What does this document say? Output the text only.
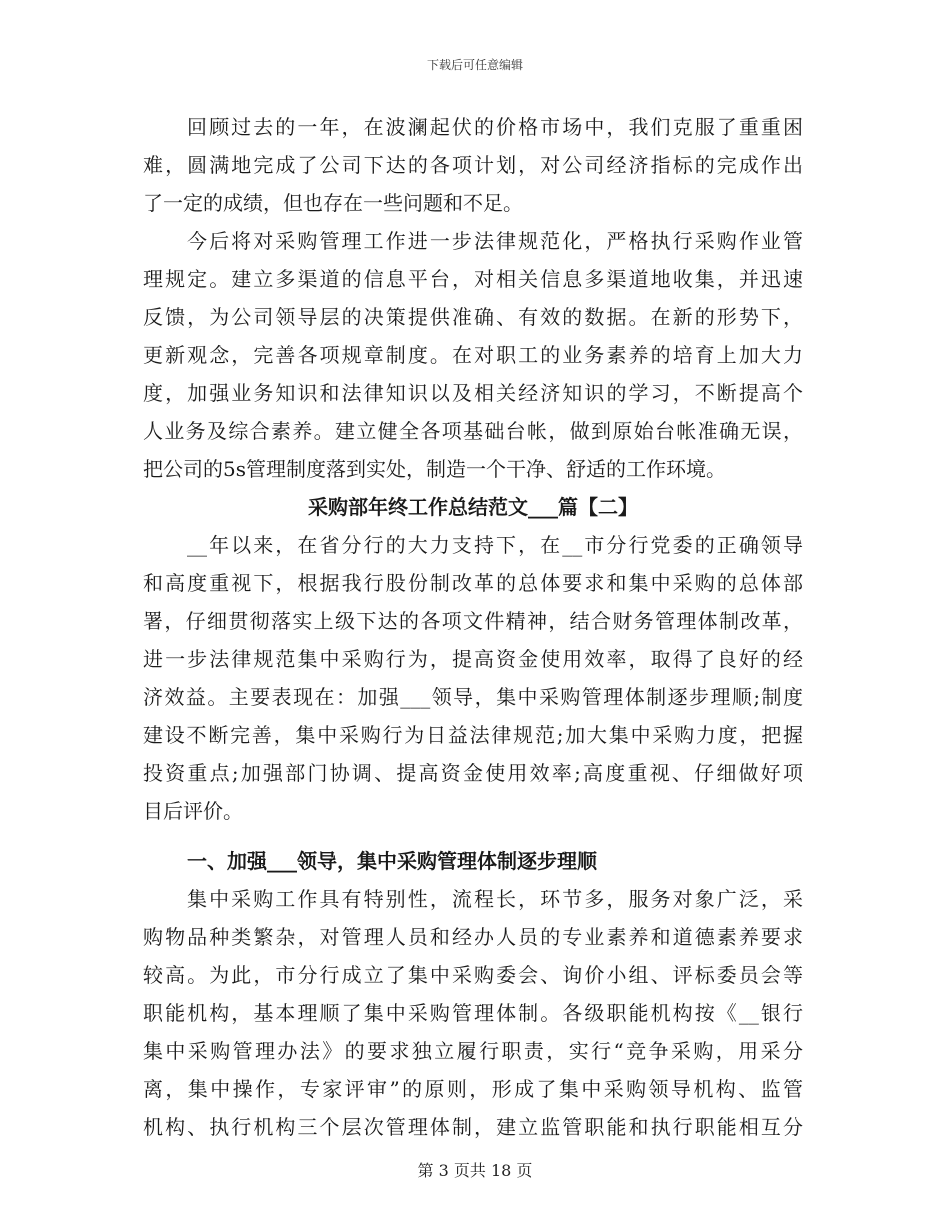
下载后可任意编辑
回顾过去的一年，在波澜起伏的价格市场中，我们克服了重重困
难，圆满地完成了公司下达的各项计划，对公司经济指标的完成作出
了一定的成绩，但也存在一些问题和不足。
今后将对采购管理工作进一步法律规范化，严格执行采购作业管
理规定。建立多渠道的信息平台，对相关信息多渠道地收集，并迅速
反馈，为公司领导层的决策提供准确、有效的数据。在新的形势下，
更新观念，完善各项规章制度。在对职工的业务素养的培育上加大力
度，加强业务知识和法律知识以及相关经济知识的学习，不断提高个
人业务及综合素养。建立健全各项基础台帐，做到原始台帐准确无误，
把公司的5s管理制度落到实处，制造一个干净、舒适的工作环境。
采购部年终工作总结范文___篇【二】
__年以来，在省分行的大力支持下，在__市分行党委的正确领导
和高度重视下，根据我行股份制改革的总体要求和集中采购的总体部
署，仔细贯彻落实上级下达的各项文件精神，结合财务管理体制改革，
进一步法律规范集中采购行为，提高资金使用效率，取得了良好的经
济效益。主要表现在：加强___领导，集中采购管理体制逐步理顺;制度
建设不断完善，集中采购行为日益法律规范;加大集中采购力度，把握
投资重点;加强部门协调、提高资金使用效率;高度重视、仔细做好项
目后评价。
一、加强___领导，集中采购管理体制逐步理顺
集中采购工作具有特别性，流程长，环节多，服务对象广泛，采
购物品种类繁杂，对管理人员和经办人员的专业素养和道德素养要求
较高。为此，市分行成立了集中采购委会、询价小组、评标委员会等
职能机构，基本理顺了集中采购管理体制。各级职能机构按《__银行
集中采购管理办法》的要求独立履行职责，实行“竞争采购，用采分
离，集中操作，专家评审”的原则，形成了集中采购领导机构、监管
机构、执行机构三个层次管理体制，建立监管职能和执行职能相互分
第 3 页共 18 页
